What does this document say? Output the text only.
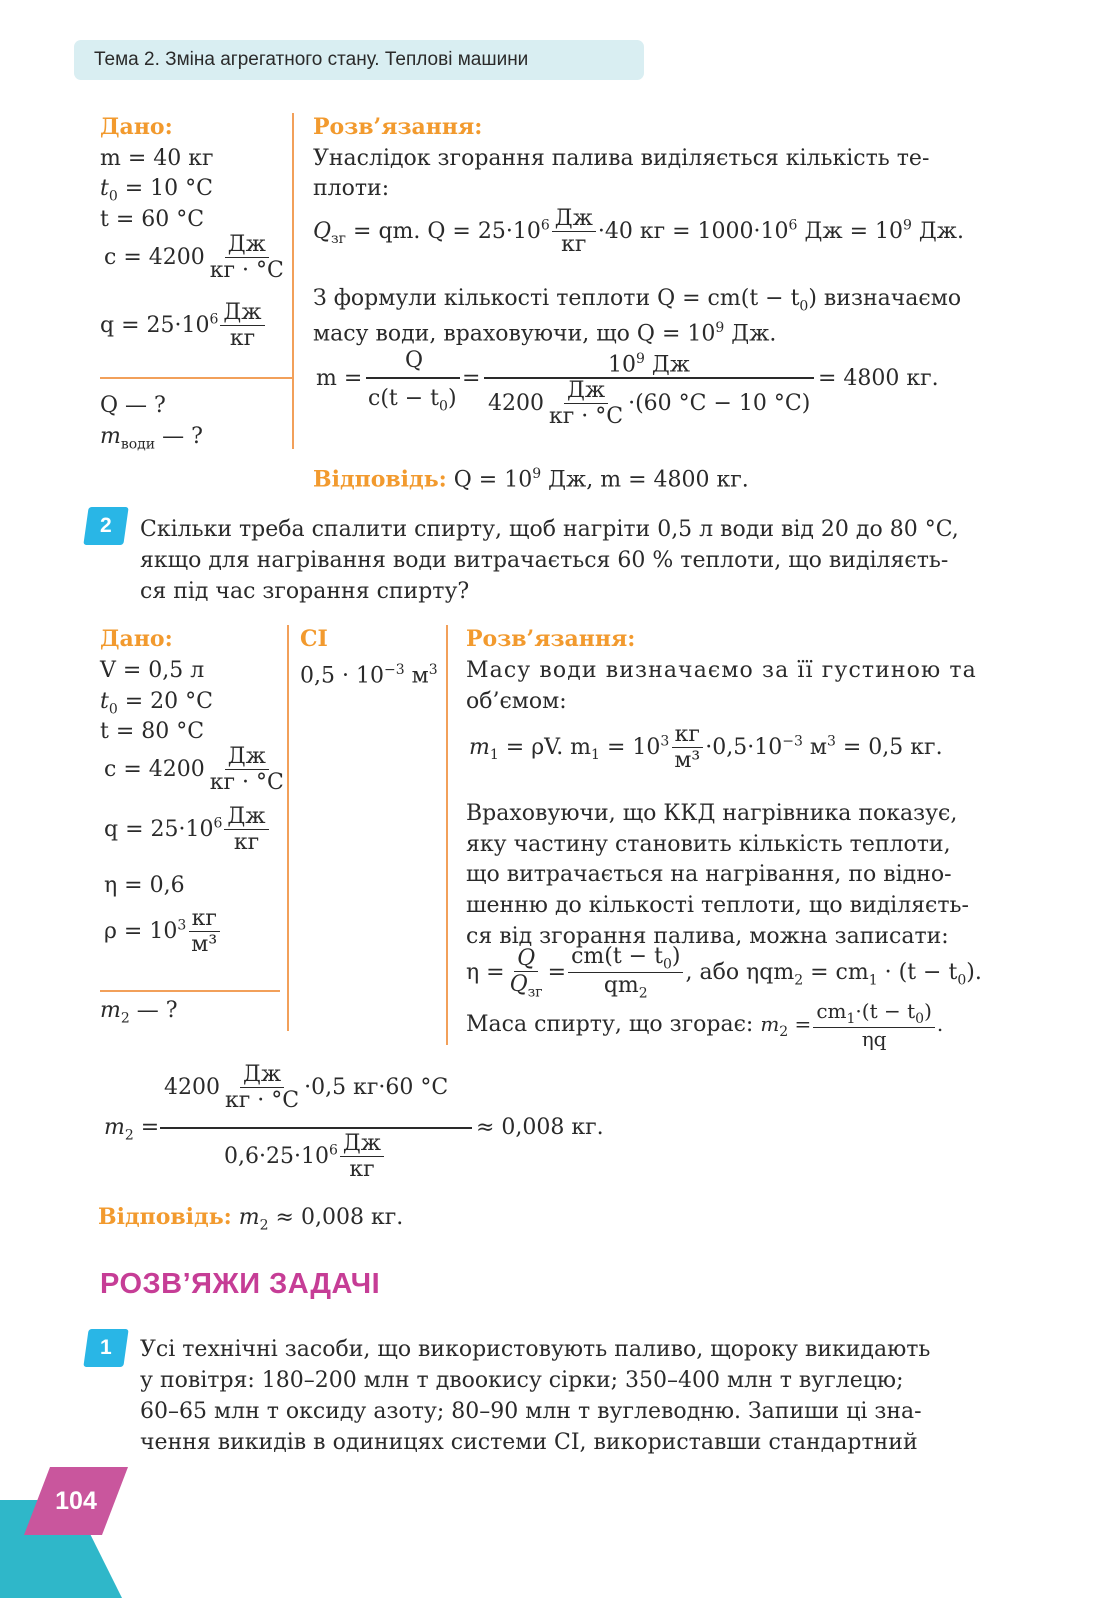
Тема 2. Зміна агрегатного стану. Теплові машини
Дано:
m = 40 кг
$t_0 = 10$ °C
t = 60 °C
$c = 4200 \frac{Дж}{кг \cdot ^\circ C}$
$q = 25\cdot 10^6 \frac{Дж}{кг}$
Q — ?
$m_{води}$ — ?
Розв’язання:
Унаслідок згорання палива виділяється кількість те-
плоти:
$Q_{зг}$ = qm. $Q = 25\cdot 10^6 \frac{Дж}{кг} \cdot 40$ кг = $1000\cdot 10^6$ Дж = $10^9$ Дж.
З формули кількості теплоти $Q = cm(t - t_0)$ визначаємо
масу води, враховуючи, що $Q = 10^9$ Дж.
m =
Q
$c(t - t_0)$
=
$10^9$ Дж
$4200 \frac{Дж}{кг \cdot ^\circ C} \cdot(60$ °C − 10 °C)
= 4800 кг.
Відповідь: $Q = 10^9$ Дж, m = 4800 кг.
2	Скільки треба спалити спирту, щоб нагріти 0,5 л води від 20 до 80 °C,
якщо для нагрівання води витрачається 60 % теплоти, що виділяєть-
ся під час згорання спирту?
Дано:
V = 0,5 л
$t_0 = 20$ °C
t = 80 °C
$c = 4200 \frac{Дж}{кг \cdot ^\circ C}$
$q = 25\cdot 10^6 \frac{Дж}{кг}$
η = 0,6
$\rho = 10^3 \frac{кг}{\text{м³}}$
$m_2$ — ?
СІ
$0,5 \cdot 10^{-3}$ $м^3$
Розв’язання:
Масу води визначаємо за її густиною та
об’ємом:
$m_1 = \rho V$. $m_1 = 10^3 \frac{кг}{\text{м³}} \cdot 0,5\cdot 10^{-3}$ $м^3 = 0,5$ кг.
Враховуючи, що ККД нагрівника показує,
яку частину становить кількість теплоти,
що витрачається на нагрівання, по відно-
шенню до кількості теплоти, що виділяєть-
ся від згорання палива, можна записати:
$\eta = \frac{Q}{Q_{зг}} = \frac{cm(t - t_0)}{qm_2}$ , або $\eta qm_2 = cm_1 \cdot (t - t_0)$.
Маса спирту, що згорає: $m_2 = \frac{cm_1\cdot(t - t_0)}{\eta q}$ .
$m_2$ =
$4200 \frac{Дж}{кг \cdot ^\circ C} \cdot 0,5$ кг·60 °C
$0,6\cdot 25\cdot 10^6 \frac{Дж}{кг}$
≈ 0,008 кг.
Відповідь: $m_2 \approx 0,008$ кг.
РОЗВ’ЯЖИ ЗАДАЧІ
1	Усі технічні засоби, що використовують паливо, щороку викидають
у повітря: 180–200 млн т двоокису сірки; 350–400 млн т вуглецю;
60–65 млн т оксиду азоту; 80–90 млн т вуглеводню. Запиши ці зна-
чення викидів в одиницях системи СІ, використавши стандартний
104
